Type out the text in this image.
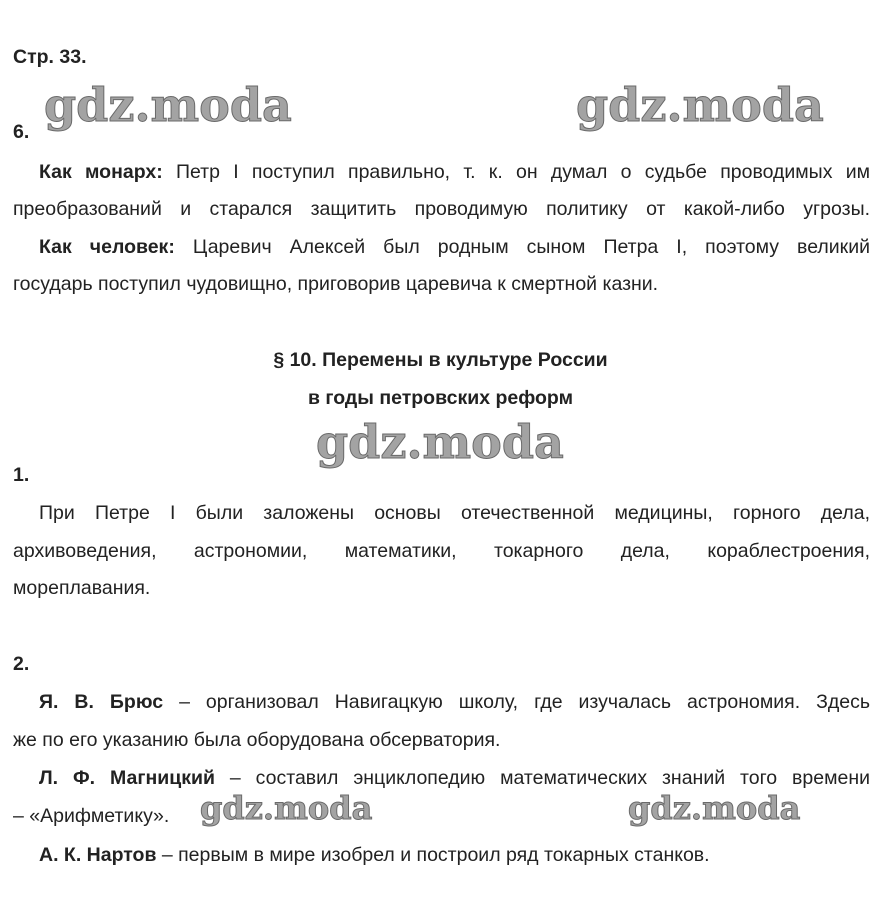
Стр. 33.
gdz.moda	gdz.moda
6.
Как монарх: Петр I поступил правильно, т. к. он думал о судьбе проводимых им
преобразований и старался защитить проводимую политику от какой-либо угрозы.
Как человек: Царевич Алексей был родным сыном Петра I, поэтому великий
государь поступил чудовищно, приговорив царевича к смертной казни.
§ 10. Перемены в культуре России
в годы петровских реформ
gdz.moda
1.
При Петре I были заложены основы отечественной медицины, горного дела,
архивоведения, астрономии, математики, токарного дела, кораблестроения,
мореплавания.
2.
Я. В. Брюс – организовал Навигацкую школу, где изучалась астрономия. Здесь
же по его указанию была оборудована обсерватория.
Л. Ф. Магницкий – составил энциклопедию математических знаний того времени
– «Арифметику». gdz.moda	gdz.moda
А. К. Нартов – первым в мире изобрел и построил ряд токарных станков.
